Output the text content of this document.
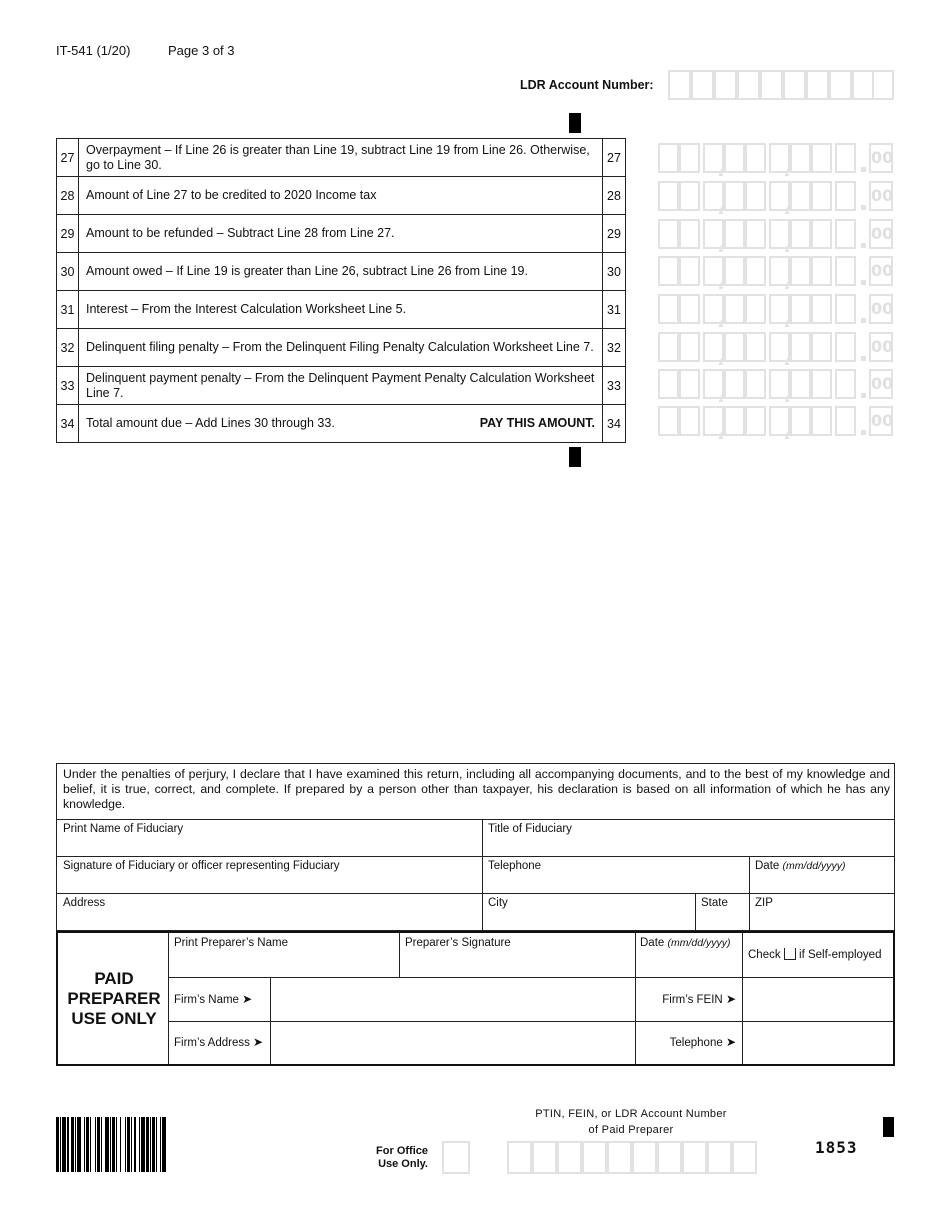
IT-541 (1/20)	Page 3 of 3
LDR Account Number:
27	Overpayment – If Line 26 is greater than Line 19, subtract Line 19 from Line 26. Otherwise, go to Line 30.	27
28	Amount of Line 27 to be credited to 2020 Income tax	28
29	Amount to be refunded – Subtract Line 28 from Line 27.	29
30	Amount owed – If Line 19 is greater than Line 26, subtract Line 26 from Line 19.	30
31	Interest – From the Interest Calculation Worksheet Line 5.	31
32	Delinquent filing penalty – From the Delinquent Filing Penalty Calculation Worksheet Line 7.	32
33	Delinquent payment penalty – From the Delinquent Payment Penalty Calculation Worksheet Line 7.	33
34	Total amount due – Add Lines 30 through 33. PAY THIS AMOUNT.	34
00
00
00
00
00
00
00
00
Under the penalties of perjury, I declare that I have examined this return, including all accompanying documents, and to the best of my knowledge and belief, it is true, correct, and complete. If prepared by a person other than taxpayer, his declaration is based on all information of which he has any knowledge.
Print Name of Fiduciary	Title of Fiduciary
Signature of Fiduciary or officer representing Fiduciary	Telephone	Date (mm/dd/yyyy)
Address	City	State	ZIP
PAID
PREPARER
USE ONLY
Print Preparer’s Name	Preparer’s Signature	Date (mm/dd/yyyy)
Check if Self-employed
Firm’s Name ➤	Firm’s FEIN ➤
Firm’s Address ➤	Telephone ➤
For Office
Use Only.
PTIN, FEIN, or LDR Account Number
of Paid Preparer
1853
